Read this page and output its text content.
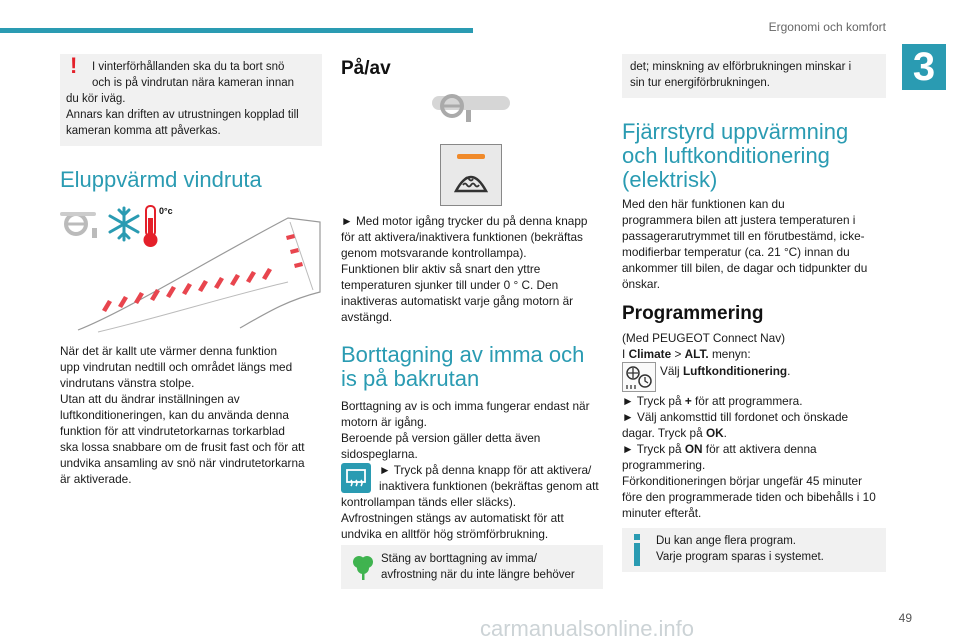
Ergonomi och komfort
3
! I vinterförhållanden ska du ta bort snö
och is på vindrutan nära kameran innan
du kör iväg.
Annars kan driften av utrustningen kopplad till
kameran komma att påverkas.
Eluppvärmd vindruta
0°c

När det är kallt ute värmer denna funktion

upp vindrutan nedtill och området längs med

vindrutans vänstra stolpe.

Utan att du ändrar inställningen av

luftkonditioneringen, kan du använda denna

funktion för att vindrutetorkarnas torkarblad

ska lossa snabbare om de frusit fast och för att

undvika ansamling av snö när vindrutetorkarna

är aktiverade.

På/av

► Med motor igång trycker du på denna knapp

för att aktivera/inaktivera funktionen (bekräftas

genom motsvarande kontrollampa).

Funktionen blir aktiv så snart den yttre

temperaturen sjunker till under 0 ° C. Den

inaktiveras automatiskt varje gång motorn är

avstängd.

Borttagning av imma och is på bakrutan

Borttagning av is och imma fungerar endast när

motorn är igång.

Beroende på version gäller detta även

sidospeglarna.

► Tryck på denna knapp för att aktivera/

inaktivera funktionen (bekräftas genom att

kontrollampan tänds eller släcks).

Avfrostningen stängs av automatiskt för att

undvika en alltför hög strömförbrukning.

Stäng av borttagning av imma/
avfrostning när du inte längre behöver
det; minskning av elförbrukningen minskar i
sin tur energiförbrukningen.
Fjärrstyrd uppvärmning och luftkonditionering (elektrisk)

Med den här funktionen kan du

programmera bilen att justera temperaturen i

passagerarutrymmet till en förutbestämd, icke-

modifierbar temperatur (ca. 21 °C) innan du

ankommer till bilen, de dagar och tidpunkter du

önskar.

Programmering

(Med PEUGEOT Connect Nav)

I Climate > ALT. menyn:

Välj Luftkonditionering.

► Tryck på + för att programmera.

► Välj ankomsttid till fordonet och önskade

dagar. Tryck på OK.

► Tryck på ON för att aktivera denna

programmering.

Förkonditioneringen börjar ungefär 45 minuter

före den programmerade tiden och bibehålls i 10

minuter efteråt.

Du kan ange flera program.
Varje program sparas i systemet.
carmanualsonline.info	49
